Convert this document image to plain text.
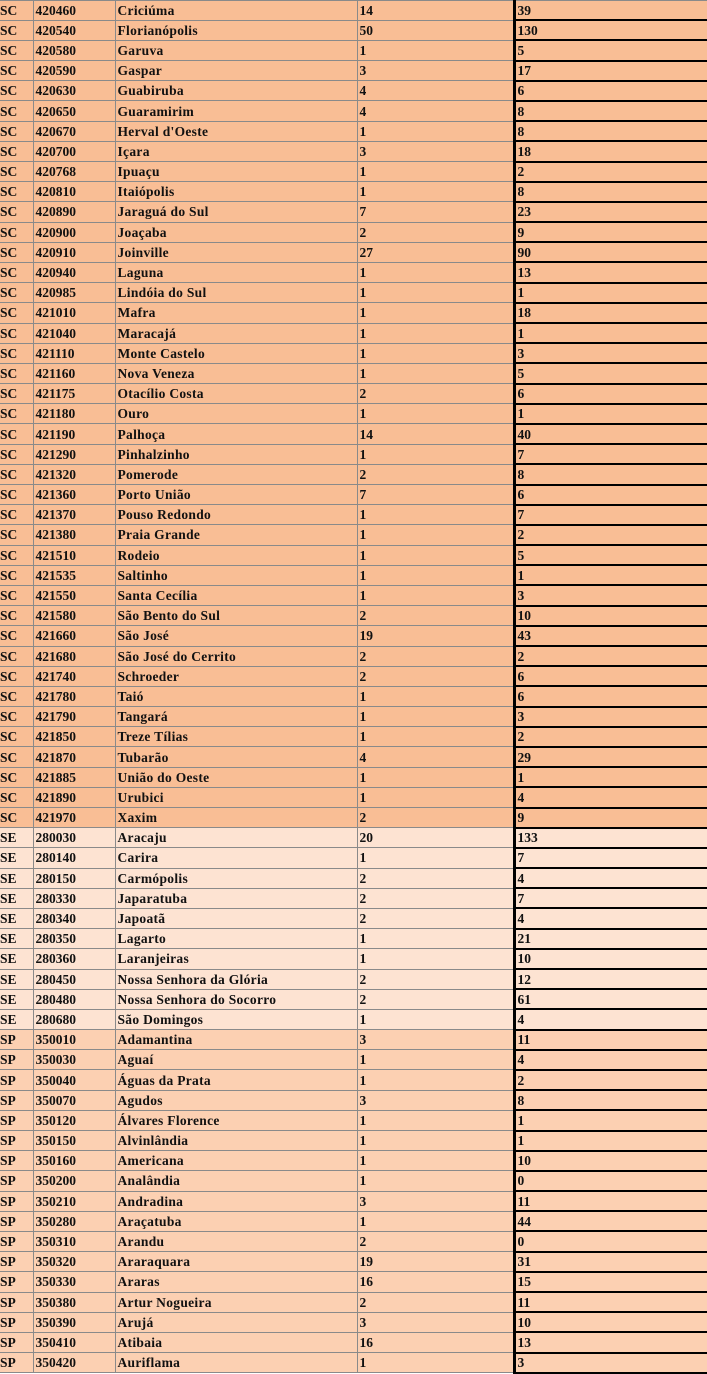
SC	420460	Criciúma	14	39
SC	420540	Florianópolis	50	130
SC	420580	Garuva	1	5
SC	420590	Gaspar	3	17
SC	420630	Guabiruba	4	6
SC	420650	Guaramirim	4	8
SC	420670	Herval d'Oeste	1	8
SC	420700	Içara	3	18
SC	420768	Ipuaçu	1	2
SC	420810	Itaiópolis	1	8
SC	420890	Jaraguá do Sul	7	23
SC	420900	Joaçaba	2	9
SC	420910	Joinville	27	90
SC	420940	Laguna	1	13
SC	420985	Lindóia do Sul	1	1
SC	421010	Mafra	1	18
SC	421040	Maracajá	1	1
SC	421110	Monte Castelo	1	3
SC	421160	Nova Veneza	1	5
SC	421175	Otacílio Costa	2	6
SC	421180	Ouro	1	1
SC	421190	Palhoça	14	40
SC	421290	Pinhalzinho	1	7
SC	421320	Pomerode	2	8
SC	421360	Porto União	7	6
SC	421370	Pouso Redondo	1	7
SC	421380	Praia Grande	1	2
SC	421510	Rodeio	1	5
SC	421535	Saltinho	1	1
SC	421550	Santa Cecília	1	3
SC	421580	São Bento do Sul	2	10
SC	421660	São José	19	43
SC	421680	São José do Cerrito	2	2
SC	421740	Schroeder	2	6
SC	421780	Taió	1	6
SC	421790	Tangará	1	3
SC	421850	Treze Tílias	1	2
SC	421870	Tubarão	4	29
SC	421885	União do Oeste	1	1
SC	421890	Urubici	1	4
SC	421970	Xaxim	2	9
SE	280030	Aracaju	20	133
SE	280140	Carira	1	7
SE	280150	Carmópolis	2	4
SE	280330	Japaratuba	2	7
SE	280340	Japoatã	2	4
SE	280350	Lagarto	1	21
SE	280360	Laranjeiras	1	10
SE	280450	Nossa Senhora da Glória	2	12
SE	280480	Nossa Senhora do Socorro	2	61
SE	280680	São Domingos	1	4
SP	350010	Adamantina	3	11
SP	350030	Aguaí	1	4
SP	350040	Águas da Prata	1	2
SP	350070	Agudos	3	8
SP	350120	Álvares Florence	1	1
SP	350150	Alvinlândia	1	1
SP	350160	Americana	1	10
SP	350200	Analândia	1	0
SP	350210	Andradina	3	11
SP	350280	Araçatuba	1	44
SP	350310	Arandu	2	0
SP	350320	Araraquara	19	31
SP	350330	Araras	16	15
SP	350380	Artur Nogueira	2	11
SP	350390	Arujá	3	10
SP	350410	Atibaia	16	13
SP	350420	Auriflama	1	3
